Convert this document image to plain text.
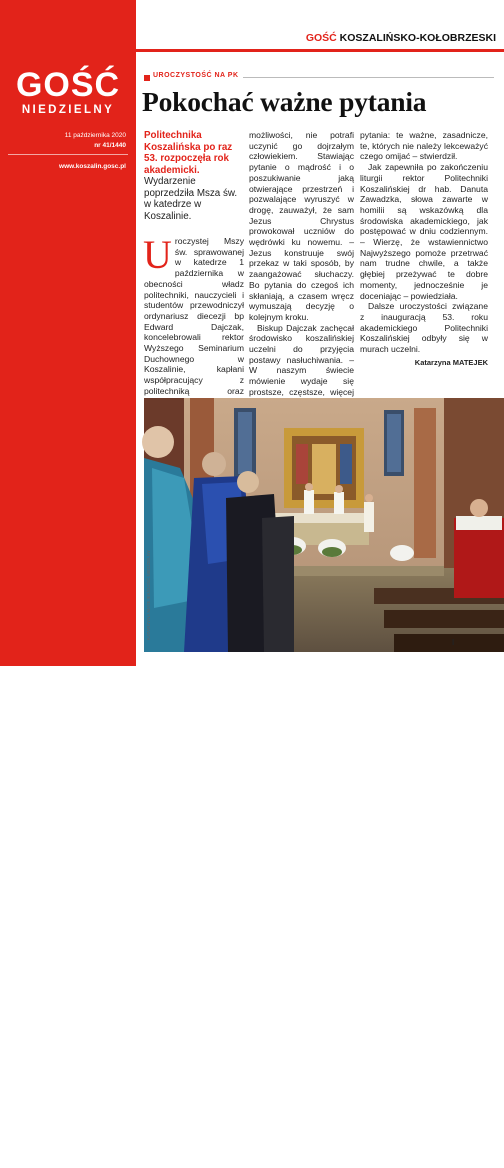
GOŚĆ
NIEDZIELNY
11 października 2020
nr 41/1440
www.koszalin.gosc.pl
Diecezja koszalińsko-kołobrzeska
GOŚĆ KOSZALIŃSKO-KOŁOBRZESKI
UROCZYSTOŚĆ NA PK
Pokochać ważne pytania
Politechnika Koszalińska po raz 53. rozpoczęła rok akademicki.
Wydarzenie poprzedziła Msza św. w katedrze w Koszalinie.
Uroczystej Mszy św. sprawowanej w katedrze 1 października w obecności władz politechniki, nauczycieli i studentów przewodniczył ordynariusz diecezji bp Edward Dajczak, koncelebrowali rektor Wyższego Seminarium Duchownego w Koszalinie, kapłani współpracujący z politechniką oraz
możliwości, nie potrafi uczynić go dojrzałym człowiekiem. Stawiając pytanie o mądrość i o poszukiwanie jaką otwierające przestrzeń i pozwalające wyruszyć w drogę, zauważył, że sam Jezus Chrystus prowokował uczniów do wędrówki ku nowemu. – Jezus konstruuje swój przekaz w taki sposób, by zaangażować słuchaczy. Bo pytania do czegoś ich skłaniają, a czasem wręcz wymuszają decyzję o kolejnym kroku.
Biskup Dajczak zachęcał środowisko koszalińskiej uczelni do przyjęcia postawy nasłuchiwania. – W naszym świecie mówienie wydaje się prostsze, częstsze, więcej
pytania: te ważne, zasadnicze, te, których nie należy lekceważyć czego omijać – stwierdził.
Jak zapewniła po zakończeniu liturgii rektor Politechniki Koszalińskiej dr hab. Danuta Zawadzka, słowa zawarte w homilii są wskazówką dla środowiska akademickiego, jak postępować w dniu codziennym. – Wierzę, że wstawiennictwo Najwyższego pomoże przetrwać nam trudne chwile, a także głębiej przeżywać te dobre momenty, jednocześnie je doceniając – powiedziała.
Dalsze uroczystości związane z inauguracją 53. roku akademickiego Politechniki Koszalińskiej odbyły się w murach uczelni.
Katarzyna MATEJEK
KATARZYNA MATEJEK/GOŚĆ NIEDZIELNY
I
